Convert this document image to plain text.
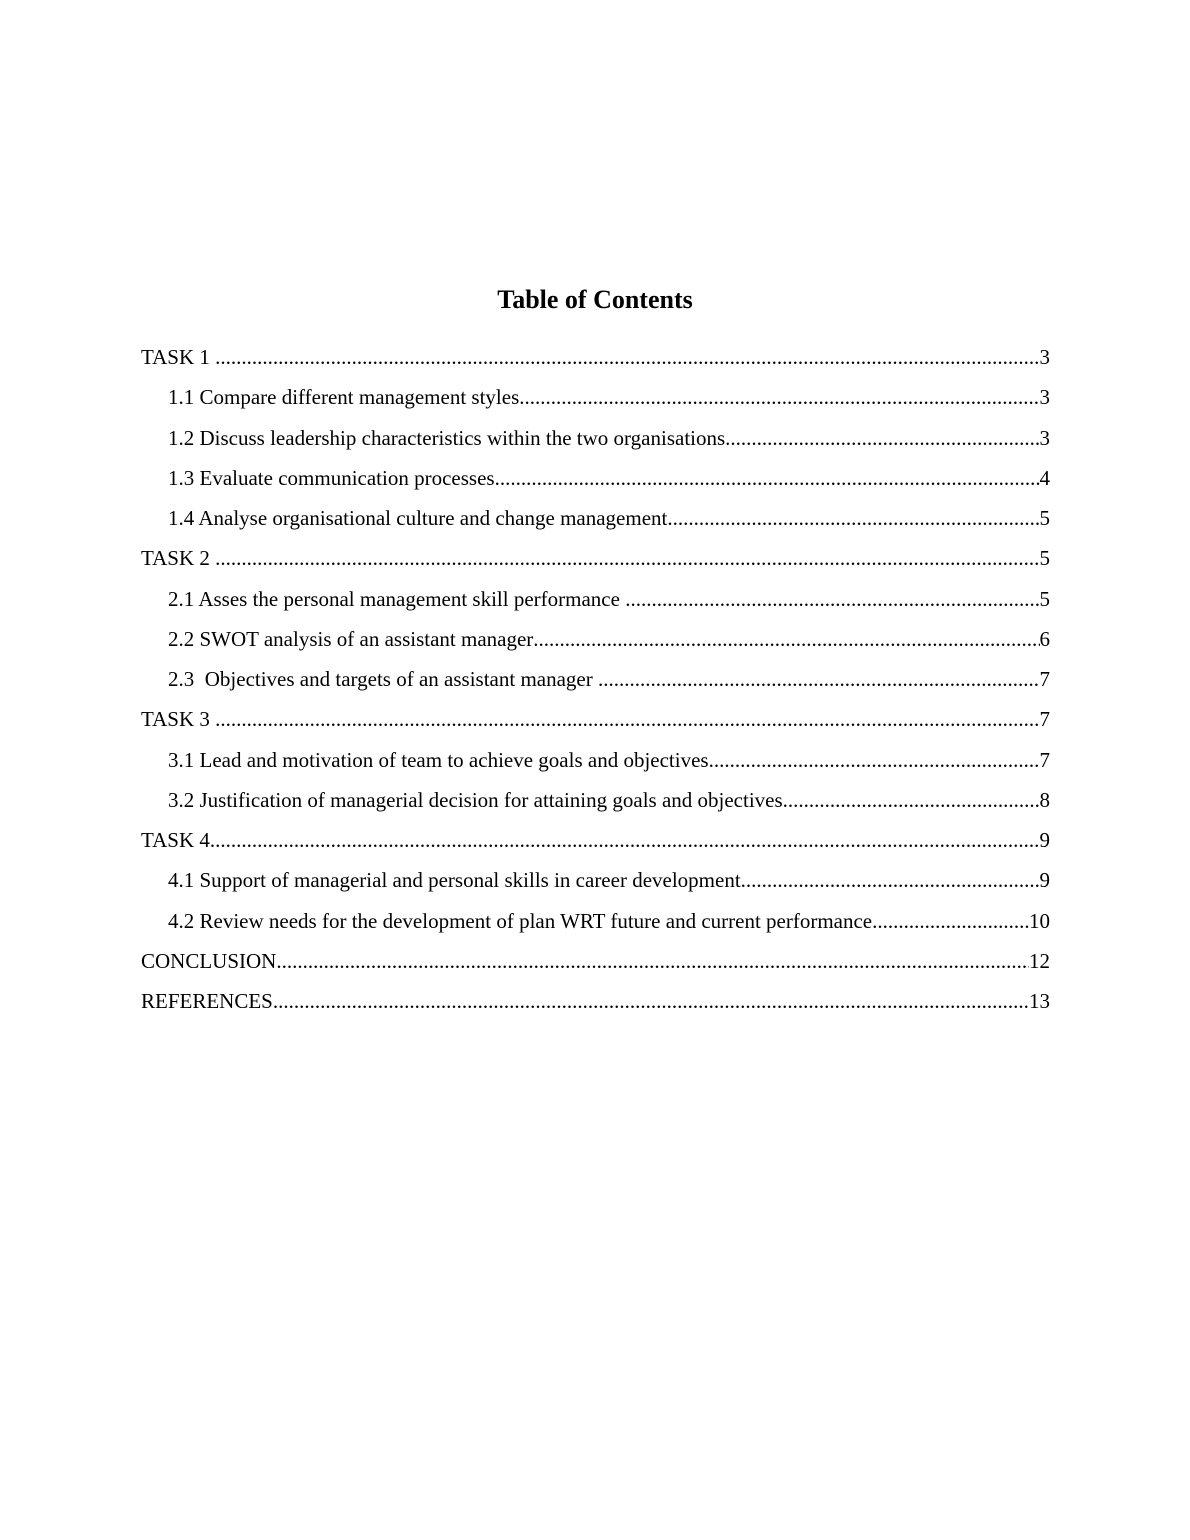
Table of Contents
TASK 1 .....	3
1.1 Compare different management styles .....	3
1.2 Discuss leadership characteristics within the two organisations .....	3
1.3 Evaluate communication processes .....	4
1.4 Analyse organisational culture and change management .....	5
TASK 2 .....	5
2.1 Asses the personal management skill performance .....	5
2.2 SWOT analysis of an assistant manager .....	6
2.3  Objectives and targets of an assistant manager .....	7
TASK 3 .....	7
3.1 Lead and motivation of team to achieve goals and objectives .....	7
3.2 Justification of managerial decision for attaining goals and objectives .....	8
TASK 4 .....	9
4.1 Support of managerial and personal skills in career development .....	9
4.2 Review needs for the development of plan WRT future and current performance .....	10
CONCLUSION .....	12
REFERENCES .....	13
